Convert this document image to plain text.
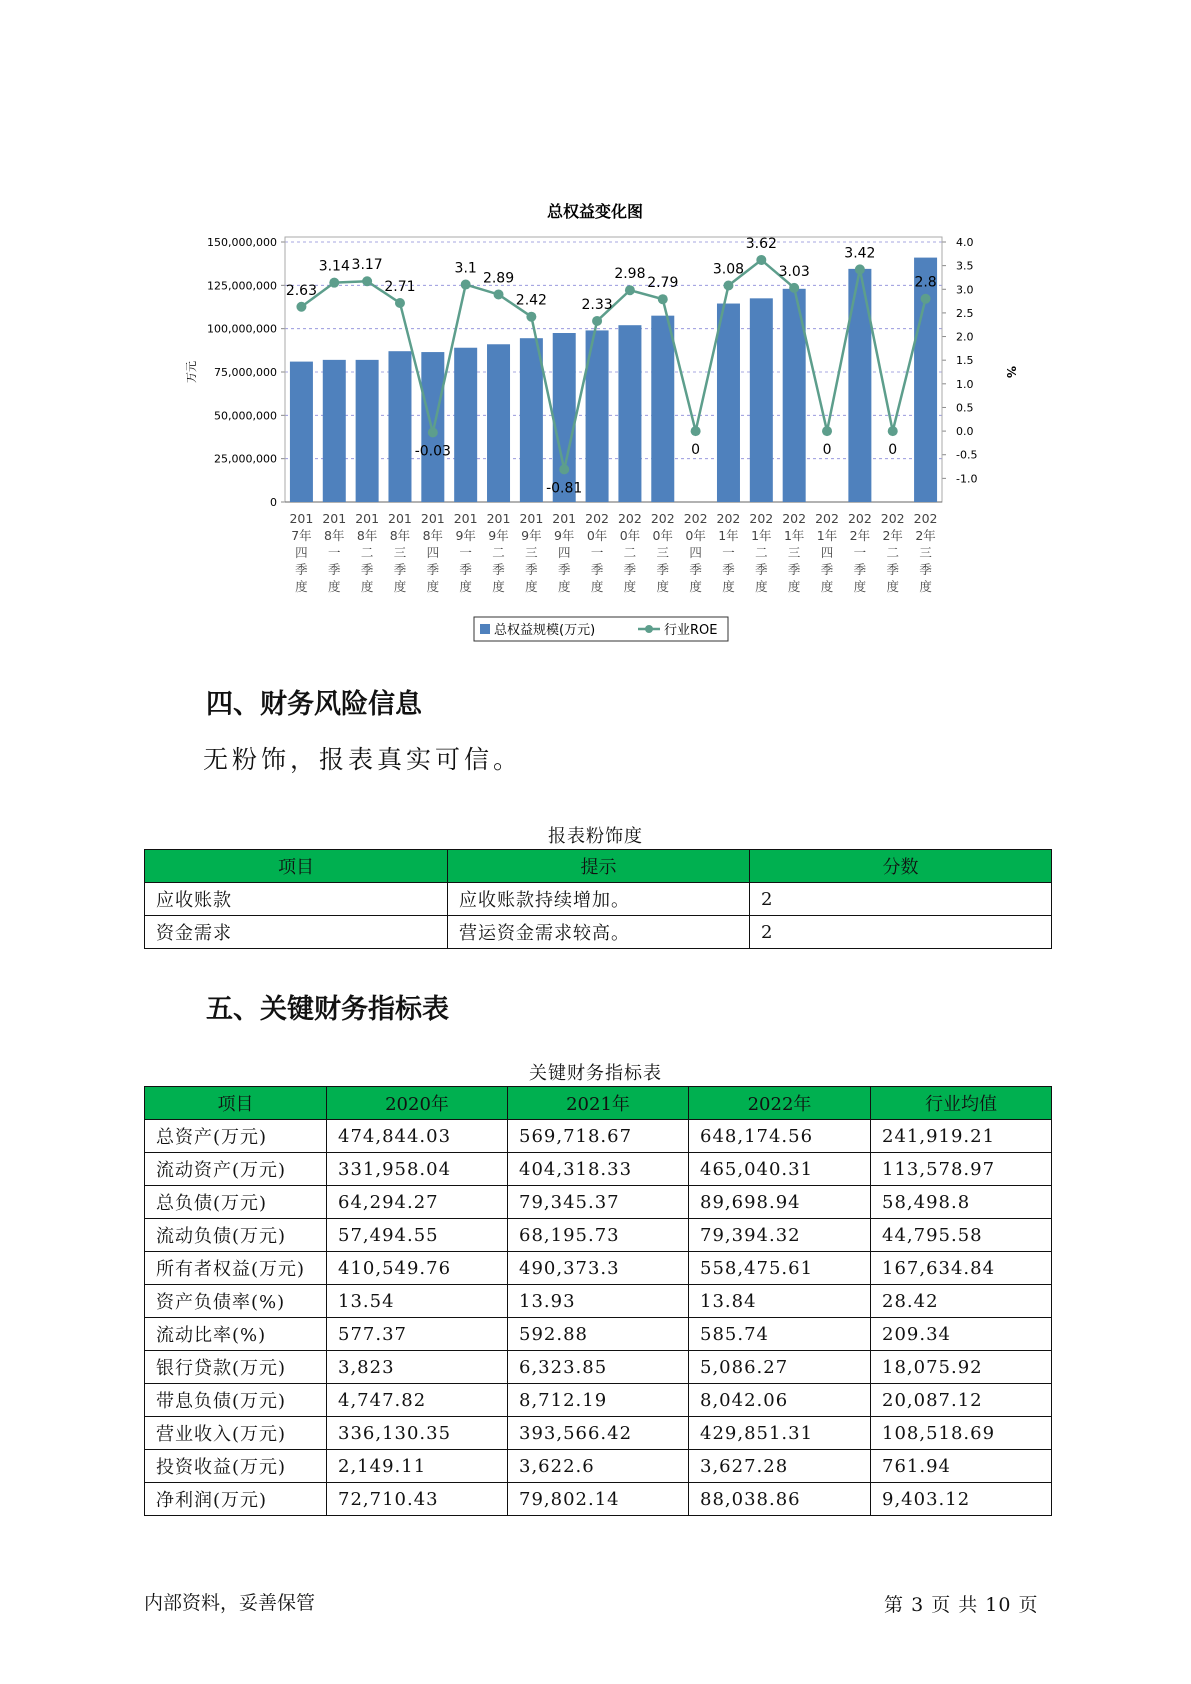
总权益变化图
0
25,000,000
50,000,000
75,000,000
100,000,000
125,000,000
150,000,000
-1.0
-0.5
0.0
0.5
1.0
1.5
2.0
2.5
3.0
3.5
4.0
万元	%
2.63
3.14 3.17
2.71
-0.03
3.1
2.89
2.42
-0.81
2.33
2.98
2.79
0
3.08
3.62
3.03
0
3.42
0
2.8
201
7年
四
季
度
201
8年
一
季
度
201
8年
二
季
度
201
8年
三
季
度
201
8年
四
季
度
201
9年
一
季
度
201
9年
二
季
度
201
9年
三
季
度
201
9年
四
季
度
202
0年
一
季
度
202
0年
二
季
度
202
0年
三
季
度
202
0年
四
季
度
202
1年
一
季
度
202
1年
二
季
度
202
1年
三
季
度
202
1年
四
季
度
202
2年
一
季
度
202
2年
二
季
度
202
2年
三
季
度
总权益规模(万元)	行业ROE
四、财务风险信息
无粉饰，报表真实可信。
报表粉饰度
项目	提示	分数
应收账款	应收账款持续增加。	2
资金需求	营运资金需求较高。	2
五、关键财务指标表
关键财务指标表
项目	2020年	2021年	2022年	行业均值
总资产(万元)	474,844.03	569,718.67	648,174.56	241,919.21
流动资产(万元)	331,958.04	404,318.33	465,040.31	113,578.97
总负债(万元)	64,294.27	79,345.37	89,698.94	58,498.8
流动负债(万元)	57,494.55	68,195.73	79,394.32	44,795.58
所有者权益(万元)	410,549.76	490,373.3	558,475.61	167,634.84
资产负债率(%)	13.54	13.93	13.84	28.42
流动比率(%)	577.37	592.88	585.74	209.34
银行贷款(万元)	3,823	6,323.85	5,086.27	18,075.92
带息负债(万元)	4,747.82	8,712.19	8,042.06	20,087.12
营业收入(万元)	336,130.35	393,566.42	429,851.31	108,518.69
投资收益(万元)	2,149.11	3,622.6	3,627.28	761.94
净利润(万元)	72,710.43	79,802.14	88,038.86	9,403.12
内部资料，妥善保管	第 3 页 共 10 页
